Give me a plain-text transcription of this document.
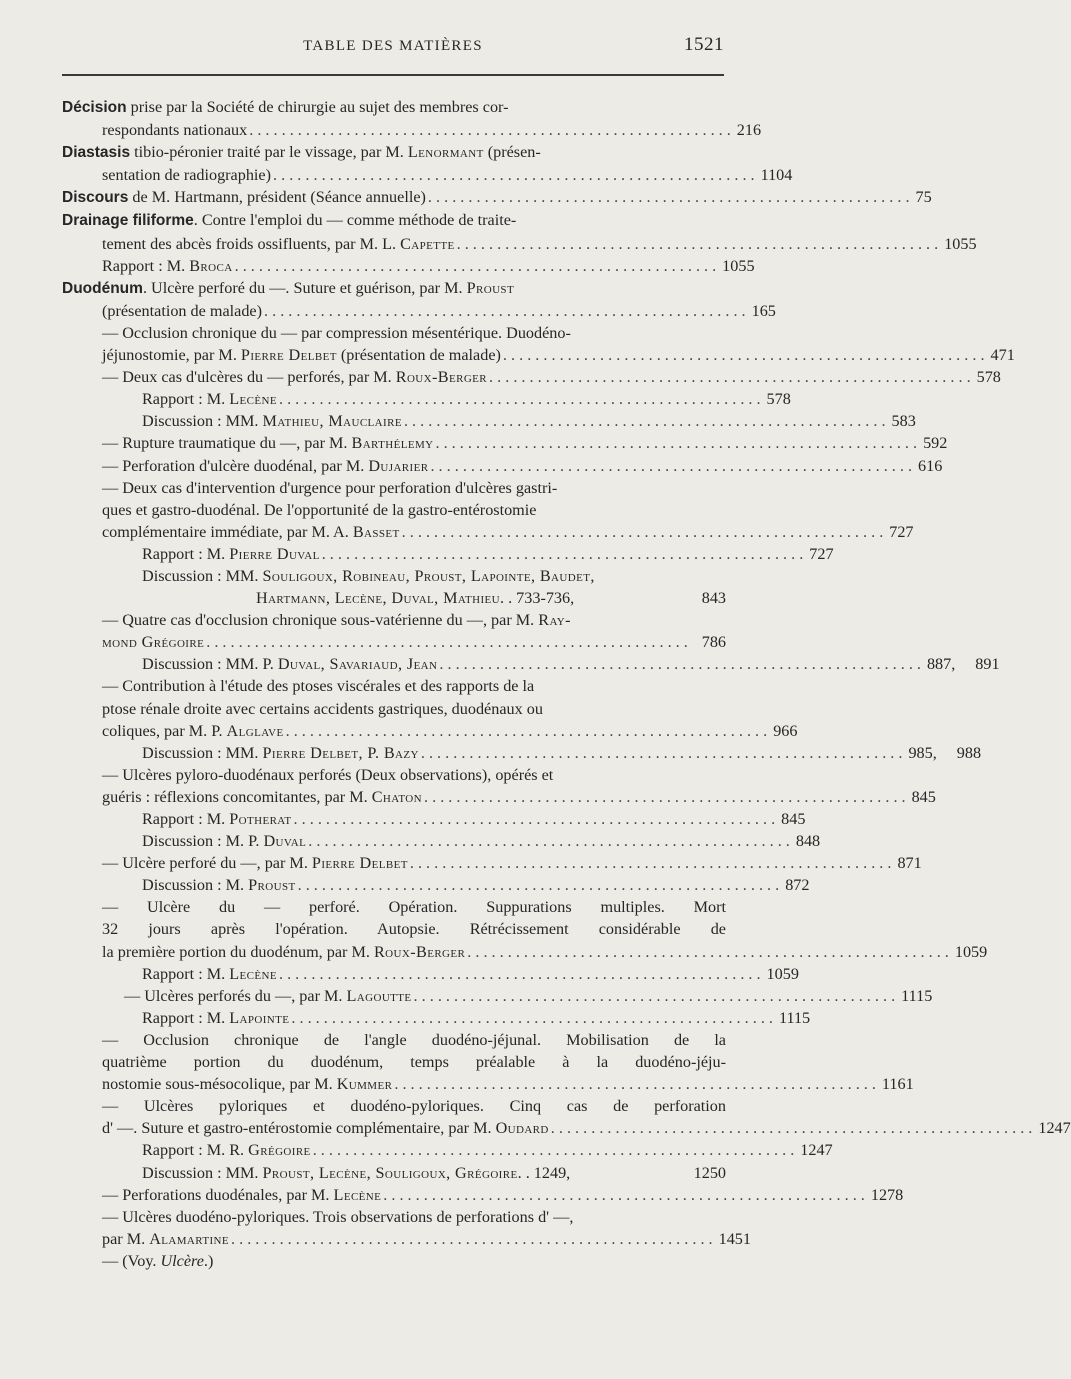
TABLE DES MATIÈRES	1521
Décision prise par la Société de chirurgie au sujet des membres cor-
respondants nationaux . . . . . . . . . . . . . . . . . . . . . . . . . . . . . . . . . . . . . . . . . . . . . . . . . . . . . . . . . . . . 216
Diastasis tibio-péronier traité par le vissage, par M. Lenormant (présen-
sentation de radiographie) . . . . . . . . . . . . . . . . . . . . . . . . . . . . . . . . . . . . . . . . . . . . . . . . . . . . . . . . . . . . 1104
Discours de M. Hartmann, président (Séance annuelle) . . . . . . . . . . . . . . . . . . . . . . . . . . . . . . . . . . . . . . . . . . . . . . . . . . . . . . . . . . . . 75
Drainage filiforme. Contre l'emploi du — comme méthode de traite-
tement des abcès froids ossifluents, par M. L. Capette . . . . . . . . . . . . . . . . . . . . . . . . . . . . . . . . . . . . . . . . . . . . . . . . . . . . . . . . . . . . 1055
Rapport : M. Broca . . . . . . . . . . . . . . . . . . . . . . . . . . . . . . . . . . . . . . . . . . . . . . . . . . . . . . . . . . . . 1055
Duodénum. Ulcère perforé du —. Suture et guérison, par M. Proust
(présentation de malade) . . . . . . . . . . . . . . . . . . . . . . . . . . . . . . . . . . . . . . . . . . . . . . . . . . . . . . . . . . . . 165
— Occlusion chronique du — par compression mésentérique. Duodéno-
jéjunostomie, par M. Pierre Delbet (présentation de malade) . . . . . . . . . . . . . . . . . . . . . . . . . . . . . . . . . . . . . . . . . . . . . . . . . . . . . . . . . . . . 471
— Deux cas d'ulcères du — perforés, par M. Roux-Berger . . . . . . . . . . . . . . . . . . . . . . . . . . . . . . . . . . . . . . . . . . . . . . . . . . . . . . . . . . . . 578
Rapport : M. Lecène . . . . . . . . . . . . . . . . . . . . . . . . . . . . . . . . . . . . . . . . . . . . . . . . . . . . . . . . . . . . 578
Discussion : MM. Mathieu, Mauclaire . . . . . . . . . . . . . . . . . . . . . . . . . . . . . . . . . . . . . . . . . . . . . . . . . . . . . . . . . . . . 583
— Rupture traumatique du —, par M. Barthélemy . . . . . . . . . . . . . . . . . . . . . . . . . . . . . . . . . . . . . . . . . . . . . . . . . . . . . . . . . . . . 592
— Perforation d'ulcère duodénal, par M. Dujarier . . . . . . . . . . . . . . . . . . . . . . . . . . . . . . . . . . . . . . . . . . . . . . . . . . . . . . . . . . . . 616
— Deux cas d'intervention d'urgence pour perforation d'ulcères gastri-
ques et gastro-duodénal. De l'opportunité de la gastro-entérostomie
complémentaire immédiate, par M. A. Basset . . . . . . . . . . . . . . . . . . . . . . . . . . . . . . . . . . . . . . . . . . . . . . . . . . . . . . . . . . . . 727
Rapport : M. Pierre Duval . . . . . . . . . . . . . . . . . . . . . . . . . . . . . . . . . . . . . . . . . . . . . . . . . . . . . . . . . . . . 727
Discussion : MM. Souligoux, Robineau, Proust, Lapointe, Baudet,
Hartmann, Lecène, Duval, Mathieu. . 733-736,	843
— Quatre cas d'occlusion chronique sous-vatérienne du —, par M. Ray-
mond Grégoire . . . . . . . . . . . . . . . . . . . . . . . . . . . . . . . . . . . . . . . . . . . . . . . . . . . . . . . . . . . . 786
Discussion : MM. P. Duval, Savariaud, Jean . . . . . . . . . . . . . . . . . . . . . . . . . . . . . . . . . . . . . . . . . . . . . . . . . . . . . . . . . . . . 887, 891
— Contribution à l'étude des ptoses viscérales et des rapports de la
ptose rénale droite avec certains accidents gastriques, duodénaux ou
coliques, par M. P. Alglave . . . . . . . . . . . . . . . . . . . . . . . . . . . . . . . . . . . . . . . . . . . . . . . . . . . . . . . . . . . . 966
Discussion : MM. Pierre Delbet, P. Bazy . . . . . . . . . . . . . . . . . . . . . . . . . . . . . . . . . . . . . . . . . . . . . . . . . . . . . . . . . . . . 985, 988
— Ulcères pyloro-duodénaux perforés (Deux observations), opérés et
guéris : réflexions concomitantes, par M. Chaton . . . . . . . . . . . . . . . . . . . . . . . . . . . . . . . . . . . . . . . . . . . . . . . . . . . . . . . . . . . . 845
Rapport : M. Potherat . . . . . . . . . . . . . . . . . . . . . . . . . . . . . . . . . . . . . . . . . . . . . . . . . . . . . . . . . . . . 845
Discussion : M. P. Duval . . . . . . . . . . . . . . . . . . . . . . . . . . . . . . . . . . . . . . . . . . . . . . . . . . . . . . . . . . . . 848
— Ulcère perforé du —, par M. Pierre Delbet . . . . . . . . . . . . . . . . . . . . . . . . . . . . . . . . . . . . . . . . . . . . . . . . . . . . . . . . . . . . 871
Discussion : M. Proust . . . . . . . . . . . . . . . . . . . . . . . . . . . . . . . . . . . . . . . . . . . . . . . . . . . . . . . . . . . . 872
— Ulcère du — perforé. Opération. Suppurations multiples. Mort
32 jours après l'opération. Autopsie. Rétrécissement considérable de
la première portion du duodénum, par M. Roux-Berger . . . . . . . . . . . . . . . . . . . . . . . . . . . . . . . . . . . . . . . . . . . . . . . . . . . . . . . . . . . . 1059
Rapport : M. Lecène . . . . . . . . . . . . . . . . . . . . . . . . . . . . . . . . . . . . . . . . . . . . . . . . . . . . . . . . . . . . 1059
— Ulcères perforés du —, par M. Lagoutte . . . . . . . . . . . . . . . . . . . . . . . . . . . . . . . . . . . . . . . . . . . . . . . . . . . . . . . . . . . . 1115
Rapport : M. Lapointe . . . . . . . . . . . . . . . . . . . . . . . . . . . . . . . . . . . . . . . . . . . . . . . . . . . . . . . . . . . . 1115
— Occlusion chronique de l'angle duodéno-jéjunal. Mobilisation de la
quatrième portion du duodénum, temps préalable à la duodéno-jéju-
nostomie sous-mésocolique, par M. Kummer . . . . . . . . . . . . . . . . . . . . . . . . . . . . . . . . . . . . . . . . . . . . . . . . . . . . . . . . . . . . 1161
— Ulcères pyloriques et duodéno-pyloriques. Cinq cas de perforation
d' —. Suture et gastro-entérostomie complémentaire, par M. Oudard . . . . . . . . . . . . . . . . . . . . . . . . . . . . . . . . . . . . . . . . . . . . . . . . . . . . . . . . . . . . 1247
Rapport : M. R. Grégoire . . . . . . . . . . . . . . . . . . . . . . . . . . . . . . . . . . . . . . . . . . . . . . . . . . . . . . . . . . . . 1247
Discussion : MM. Proust, Lecène, Souligoux, Grégoire. . 1249,	1250
— Perforations duodénales, par M. Lecène . . . . . . . . . . . . . . . . . . . . . . . . . . . . . . . . . . . . . . . . . . . . . . . . . . . . . . . . . . . . 1278
— Ulcères duodéno-pyloriques. Trois observations de perforations d' —,
par M. Alamartine . . . . . . . . . . . . . . . . . . . . . . . . . . . . . . . . . . . . . . . . . . . . . . . . . . . . . . . . . . . . 1451
— (Voy. Ulcère.)
